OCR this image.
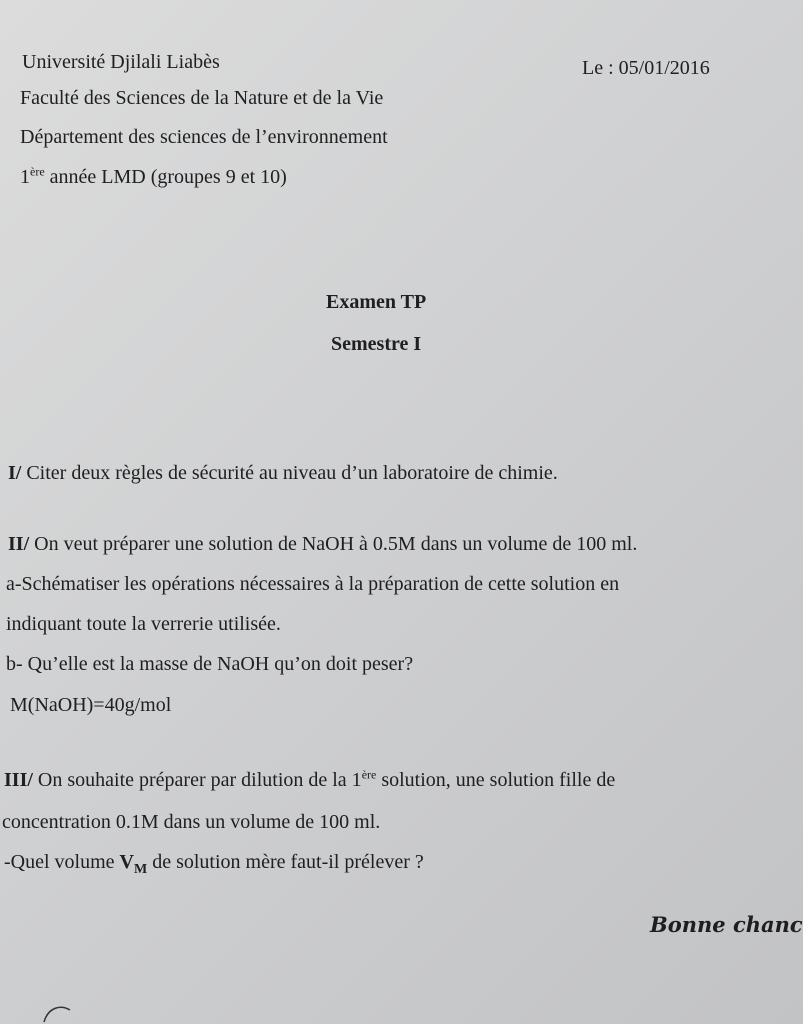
Université Djilali Liabès	Le : 05/01/2016
Faculté des Sciences de la Nature et de la Vie
Département des sciences de l’environnement
1ère année LMD (groupes 9 et 10)
Examen TP
Semestre I
I/ Citer deux règles de sécurité au niveau d’un laboratoire de chimie.
II/ On veut préparer une solution de NaOH à 0.5M dans un volume de 100 ml.
a-Schématiser les opérations nécessaires à la préparation de cette solution en
indiquant toute la verrerie utilisée.
b- Qu’elle est la masse de NaOH qu’on doit peser?
M(NaOH)=40g/mol
III/ On souhaite préparer par dilution de la 1ère solution, une solution fille de
concentration 0.1M dans un volume de 100 ml.
-Quel volume $V_M$ de solution mère faut-il prélever ?
Bonne chanc
